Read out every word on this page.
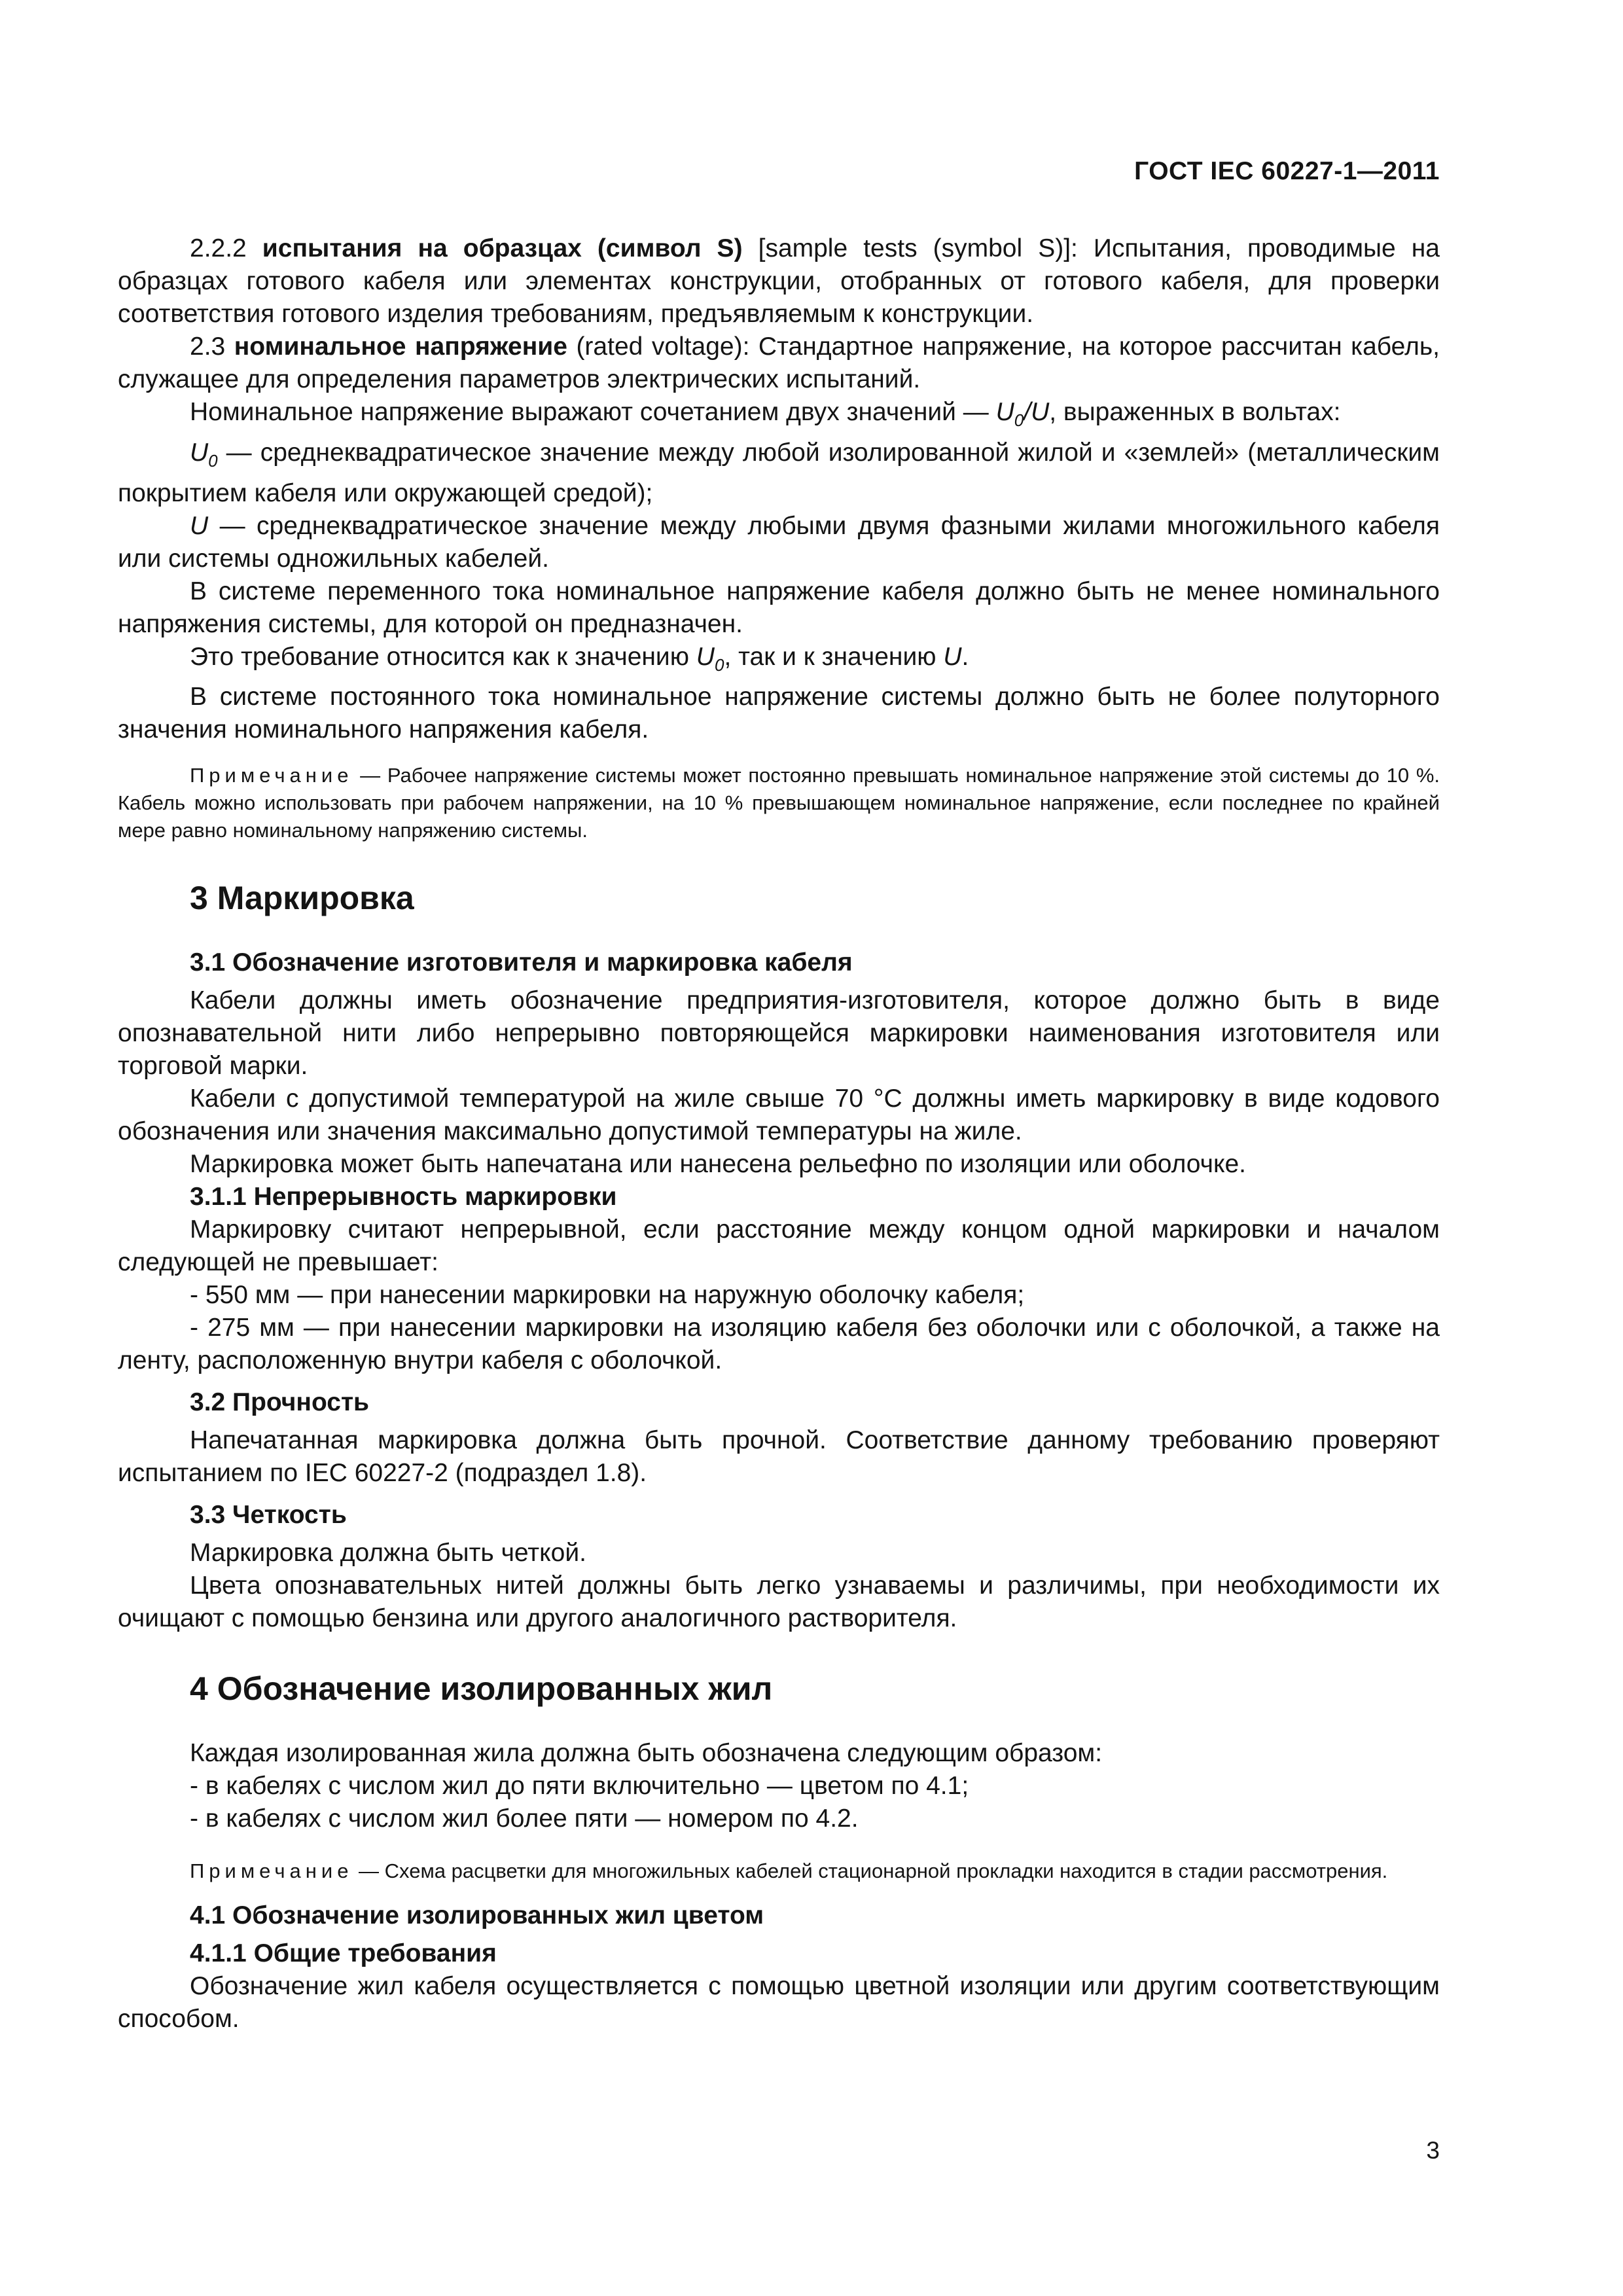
ГОСТ IEC 60227-1—2011

2.2.2 испытания на образцах (символ S) [sample tests (symbol S)]: Испытания, проводимые на образцах готового кабеля или элементах конструкции, отобранных от готового кабеля, для проверки соответствия готового изделия требованиям, предъявляемым к конструкции.

2.3 номинальное напряжение (rated voltage): Стандартное напряжение, на которое рассчитан кабель, служащее для определения параметров электрических испытаний.

Номинальное напряжение выражают сочетанием двух значений — $U_0/U$, выраженных в вольтах:

$U_0$ — среднеквадратическое значение между любой изолированной жилой и «землей» (металлическим покрытием кабеля или окружающей средой);

U — среднеквадратическое значение между любыми двумя фазными жилами многожильного кабеля или системы одножильных кабелей.

В системе переменного тока номинальное напряжение кабеля должно быть не менее номинального напряжения системы, для которой он предназначен.

Это требование относится как к значению $U_0$, так и к значению U.

В системе постоянного тока номинальное напряжение системы должно быть не более полуторного значения номинального напряжения кабеля.

Примечание — Рабочее напряжение системы может постоянно превышать номинальное напряжение этой системы до 10 %. Кабель можно использовать при рабочем напряжении, на 10 % превышающем номинальное напряжение, если последнее по крайней мере равно номинальному напряжению системы.

3 Маркировка
3.1 Обозначение изготовителя и маркировка кабеля

Кабели должны иметь обозначение предприятия-изготовителя, которое должно быть в виде опознавательной нити либо непрерывно повторяющейся маркировки наименования изготовителя или торговой марки.

Кабели с допустимой температурой на жиле свыше 70 °С должны иметь маркировку в виде кодового обозначения или значения максимально допустимой температуры на жиле.

Маркировка может быть напечатана или нанесена рельефно по изоляции или оболочке.

3.1.1 Непрерывность маркировки

Маркировку считают непрерывной, если расстояние между концом одной маркировки и началом следующей не превышает:

- 550 мм — при нанесении маркировки на наружную оболочку кабеля;

- 275 мм — при нанесении маркировки на изоляцию кабеля без оболочки или с оболочкой, а также на ленту, расположенную внутри кабеля с оболочкой.

3.2 Прочность

Напечатанная маркировка должна быть прочной. Соответствие данному требованию проверяют испытанием по IEC 60227-2 (подраздел 1.8).

3.3 Четкость

Маркировка должна быть четкой.

Цвета опознавательных нитей должны быть легко узнаваемы и различимы, при необходимости их очищают с помощью бензина или другого аналогичного растворителя.

4 Обозначение изолированных жил

Каждая изолированная жила должна быть обозначена следующим образом:

- в кабелях с числом жил до пяти включительно — цветом по 4.1;

- в кабелях с числом жил более пяти — номером по 4.2.

Примечание — Схема расцветки для многожильных кабелей стационарной прокладки находится в стадии рассмотрения.

4.1 Обозначение изолированных жил цветом
4.1.1 Общие требования

Обозначение жил кабеля осуществляется с помощью цветной изоляции или другим соответствующим способом.

3
